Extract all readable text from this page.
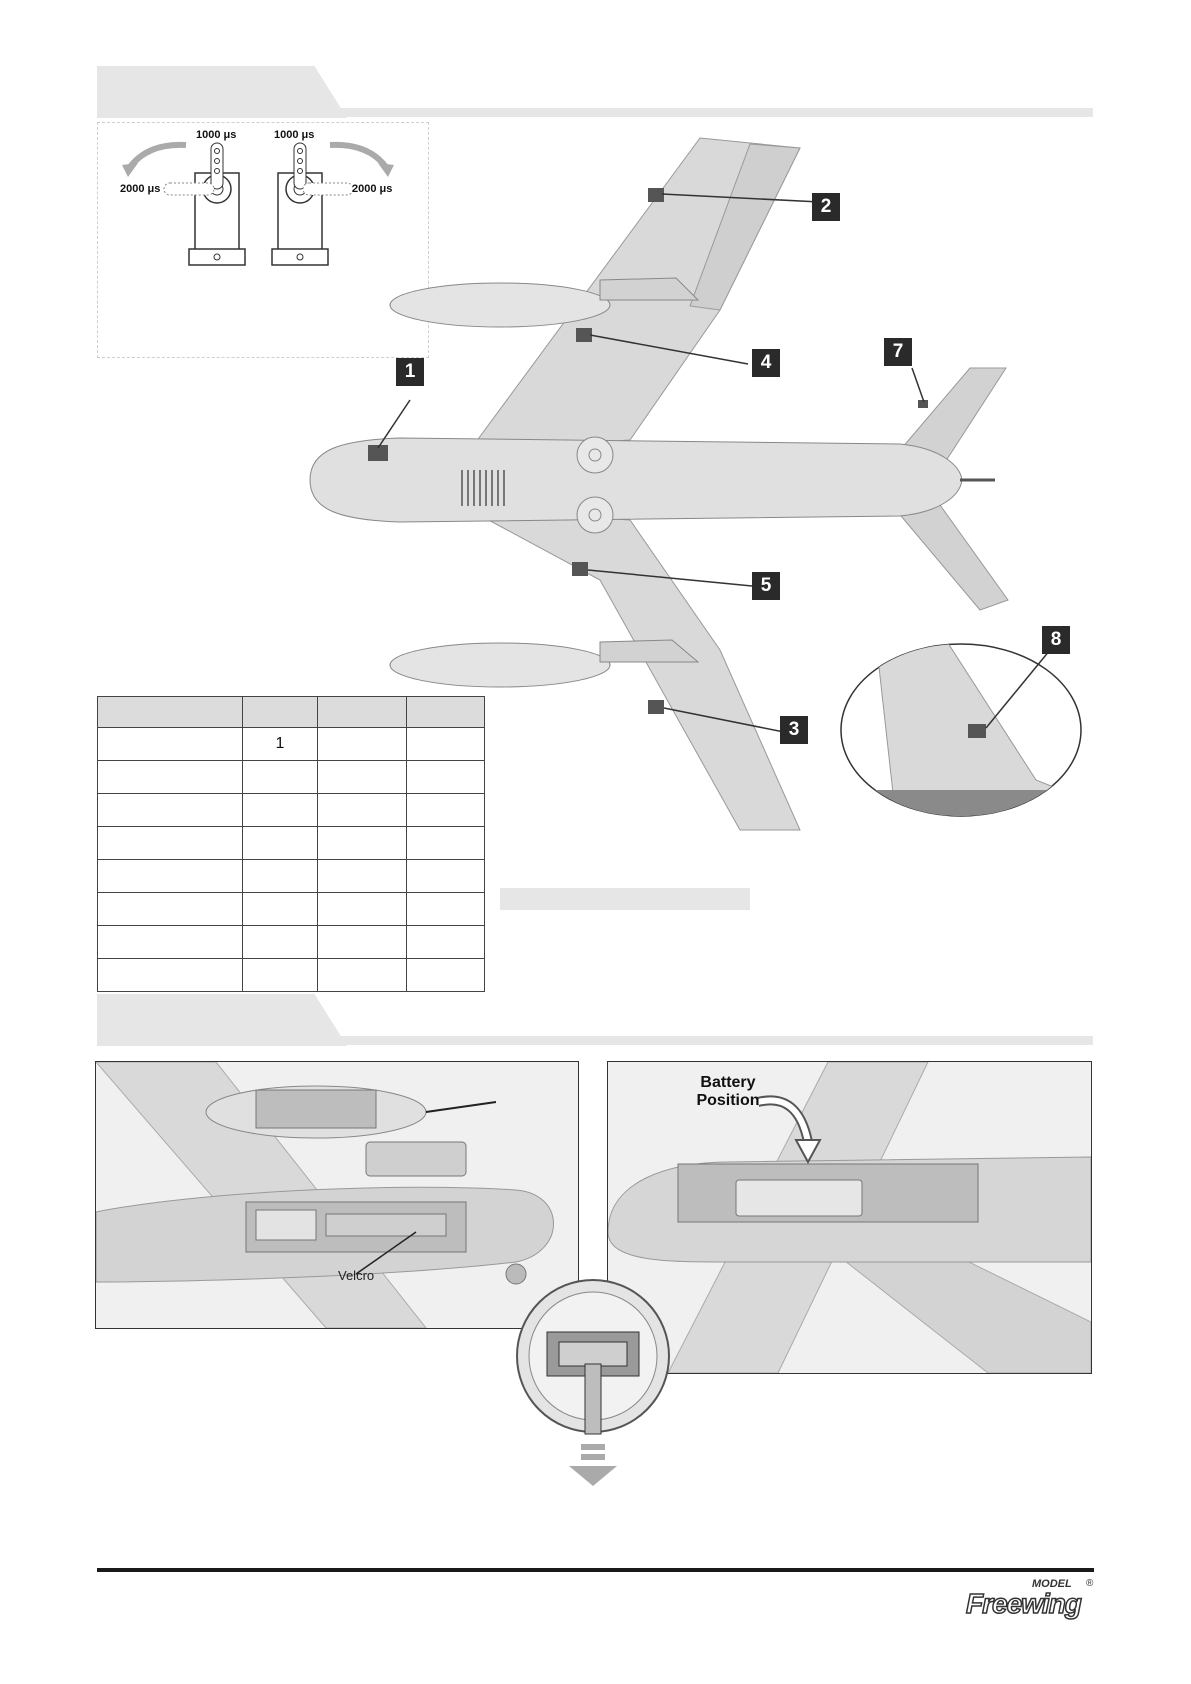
1000 μs	1000 μs
2000 μs	2000 μs
1
2
4
7
5
8
3

	1		

Velcro
Battery
Position
MODEL ®
Freewing
